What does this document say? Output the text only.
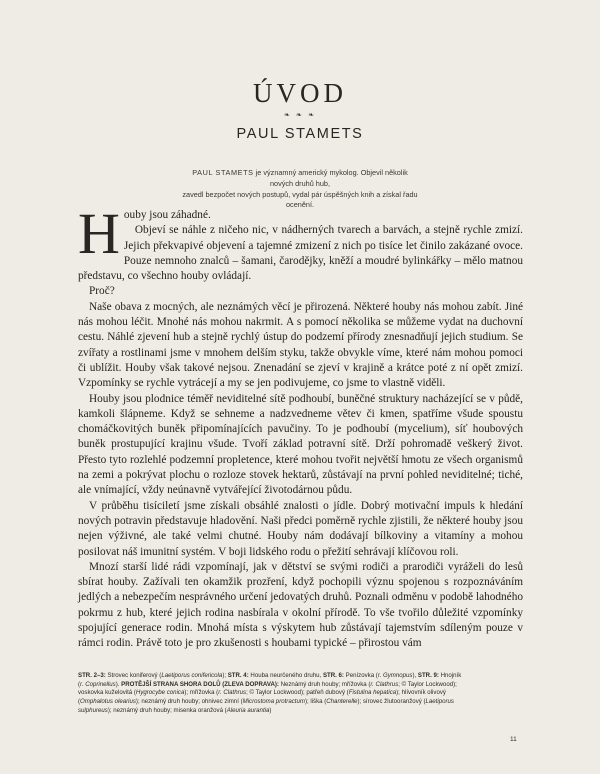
ÚVOD
❧ ❧ ❧
PAUL STAMETS
PAUL STAMETS je významný americký mykolog. Objevil několik nových druhů hub,
zavedl bezpočet nových postupů, vydal pár úspěšných knih a získal řadu ocenění.

Houby jsou záhadné.

Objeví se náhle z ničeho nic, v nádherných tvarech a barvách, a stejně rychle zmizí. Jejich překvapivé objevení a tajemné zmizení z nich po tisíce let činilo zakázané ovoce. Pouze nemnoho znalců – šamani, čarodějky, kněží a moudré bylinkářky – mělo matnou představu, co všechno houby ovládají.

Proč?

Naše obava z mocných, ale neznámých věcí je přirozená. Některé houby nás mohou zabít. Jiné nás mohou léčit. Mnohé nás mohou nakrmit. A s pomocí několika se můžeme vydat na duchovní cestu. Náhlé zjevení hub a stejně rychlý ústup do podzemí přírody znesnadňují jejich studium. Se zvířaty a rostlinami jsme v mnohem delším styku, takže obvykle víme, které nám mohou pomoci či ublížit. Houby však takové nejsou. Znenadání se zjeví v krajině a krátce poté z ní opět zmizí. Vzpomínky se rychle vytrácejí a my se jen podivujeme, co jsme to vlastně viděli.

Houby jsou plodnice téměř neviditelné sítě podhoubí, buněčné struktury nacházející se v půdě, kamkoli šlápneme. Když se sehneme a nadzvedneme větev či kmen, spatříme všude spoustu chomáčkovitých buněk připomínajících pavučiny. To je podhoubí (mycelium), síť houbových buněk prostupující krajinu všude. Tvoří základ potravní sítě. Drží pohromadě veškerý život. Přesto tyto rozlehlé podzemní propletence, které mohou tvořit největší hmotu ze všech organismů na zemi a pokrývat plochu o rozloze stovek hektarů, zůstávají na první pohled neviditelné; tiché, ale vnímající, vždy neúnavně vytvářející životodárnou půdu.

V průběhu tisíciletí jsme získali obsáhlé znalosti o jídle. Dobrý motivační impuls k hledání nových potravin představuje hladovění. Naši předci poměrně rychle zjistili, že některé houby jsou nejen výživné, ale také velmi chutné. Houby nám dodávají bílkoviny a vitamíny a mohou posilovat náš imunitní systém. V boji lidského rodu o přežití sehrávají klíčovou roli.

Mnozí starší lidé rádi vzpomínají, jak v dětství se svými rodiči a prarodiči vyráželi do lesů sbírat houby. Zažívali ten okamžik prozření, když pochopili význu spojenou s rozpoznáváním jedlých a nebezpečím nesprávného určení jedovatých druhů. Poznali odměnu v podobě lahodného pokrmu z hub, které jejich rodina nasbírala v okolní přírodě. To vše tvořilo důležité vzpomínky spojující generace rodin. Mnohá místa s výskytem hub zůstávají tajemstvím sdíleným pouze v rámci rodin. Právě toto je pro zkušenosti s houbami typické – přirostou vám

STR. 2–3: Strovec koniferový (Laetiporus conifericola); STR. 4: Houba neurčeného druhu, STR. 6: Penízovka (r. Gymnopus), STR. 9: Hnojník
(r. Coprinellus). PROTĚJŠÍ STRANA SHORA DOLŮ (ZLEVA DOPRAVA): Neznámý druh houby; mřížovka (r. Clathrus; © Taylor Lockwood);
voskovka kuželovitá (Hygrocybe conica); mřížovka (r. Clathrus; © Taylor Lockwood); patřeň dubový (Fistulina hepatica); hlívovník olivový
(Omphalotus olearius); neznámý druh houby; ohnivec zimní (Microstoma protractum); liška (Chanterelle); sírovec žlutooranžový (Laetiporus
sulphureus); neznámý druh houby; misenka oranžová (Aleuria aurantia)
11
